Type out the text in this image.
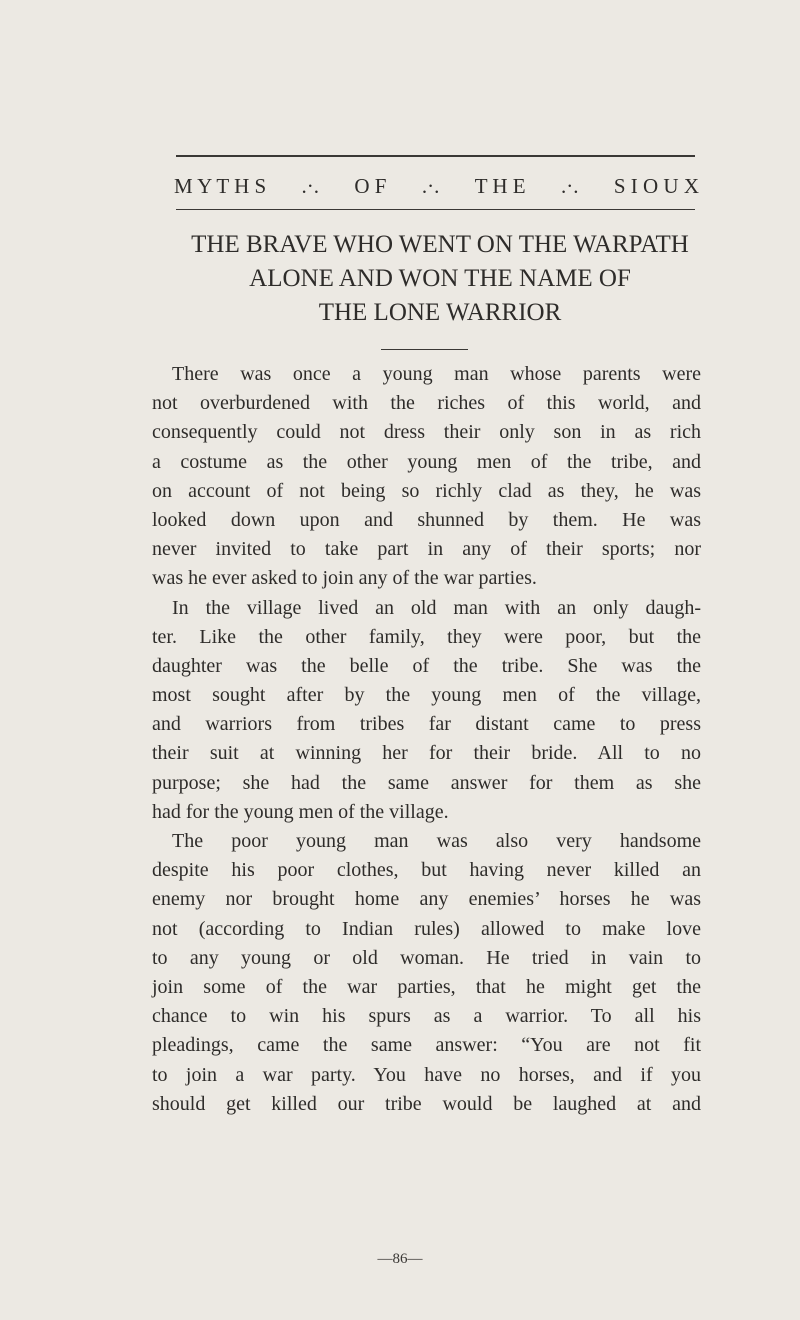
M Y T H S .·. O F .·. T H E .·. S I O U X
THE BRAVE WHO WENT ON THE WARPATH
ALONE AND WON THE NAME OF
THE LONE WARRIOR
There was once a young man whose parents were
not overburdened with the riches of this world, and
consequently could not dress their only son in as rich
a costume as the other young men of the tribe, and
on account of not being so richly clad as they, he was
looked down upon and shunned by them. He was
never invited to take part in any of their sports; nor
was he ever asked to join any of the war parties.
In the village lived an old man with an only daugh-
ter. Like the other family, they were poor, but the
daughter was the belle of the tribe. She was the
most sought after by the young men of the village,
and warriors from tribes far distant came to press
their suit at winning her for their bride. All to no
purpose; she had the same answer for them as she
had for the young men of the village.
The poor young man was also very handsome
despite his poor clothes, but having never killed an
enemy nor brought home any enemies’ horses he was
not (according to Indian rules) allowed to make love
to any young or old woman. He tried in vain to
join some of the war parties, that he might get the
chance to win his spurs as a warrior. To all his
pleadings, came the same answer: “You are not fit
to join a war party. You have no horses, and if you
should get killed our tribe would be laughed at and
—86—
